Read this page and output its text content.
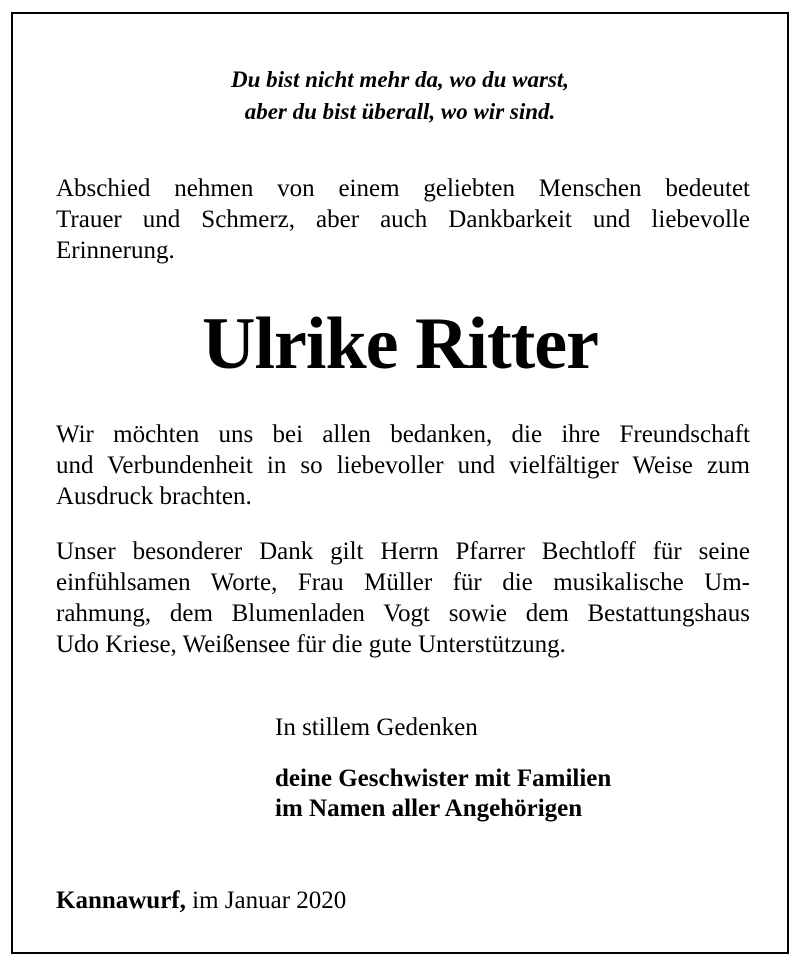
Du bist nicht mehr da, wo du warst,
aber du bist überall, wo wir sind.
Abschied nehmen von einem geliebten Menschen bedeutet
Trauer und Schmerz, aber auch Dankbarkeit und liebevolle
Erinnerung.
Ulrike Ritter
Wir möchten uns bei allen bedanken, die ihre Freundschaft
und Verbundenheit in so liebevoller und vielfältiger Weise zum
Ausdruck brachten.
Unser besonderer Dank gilt Herrn Pfarrer Bechtloff für seine
einfühlsamen Worte, Frau Müller für die musikalische Um-
rahmung, dem Blumenladen Vogt sowie dem Bestattungshaus
Udo Kriese, Weißensee für die gute Unterstützung.
In stillem Gedenken
deine Geschwister mit Familien
im Namen aller Angehörigen
Kannawurf, im Januar 2020
